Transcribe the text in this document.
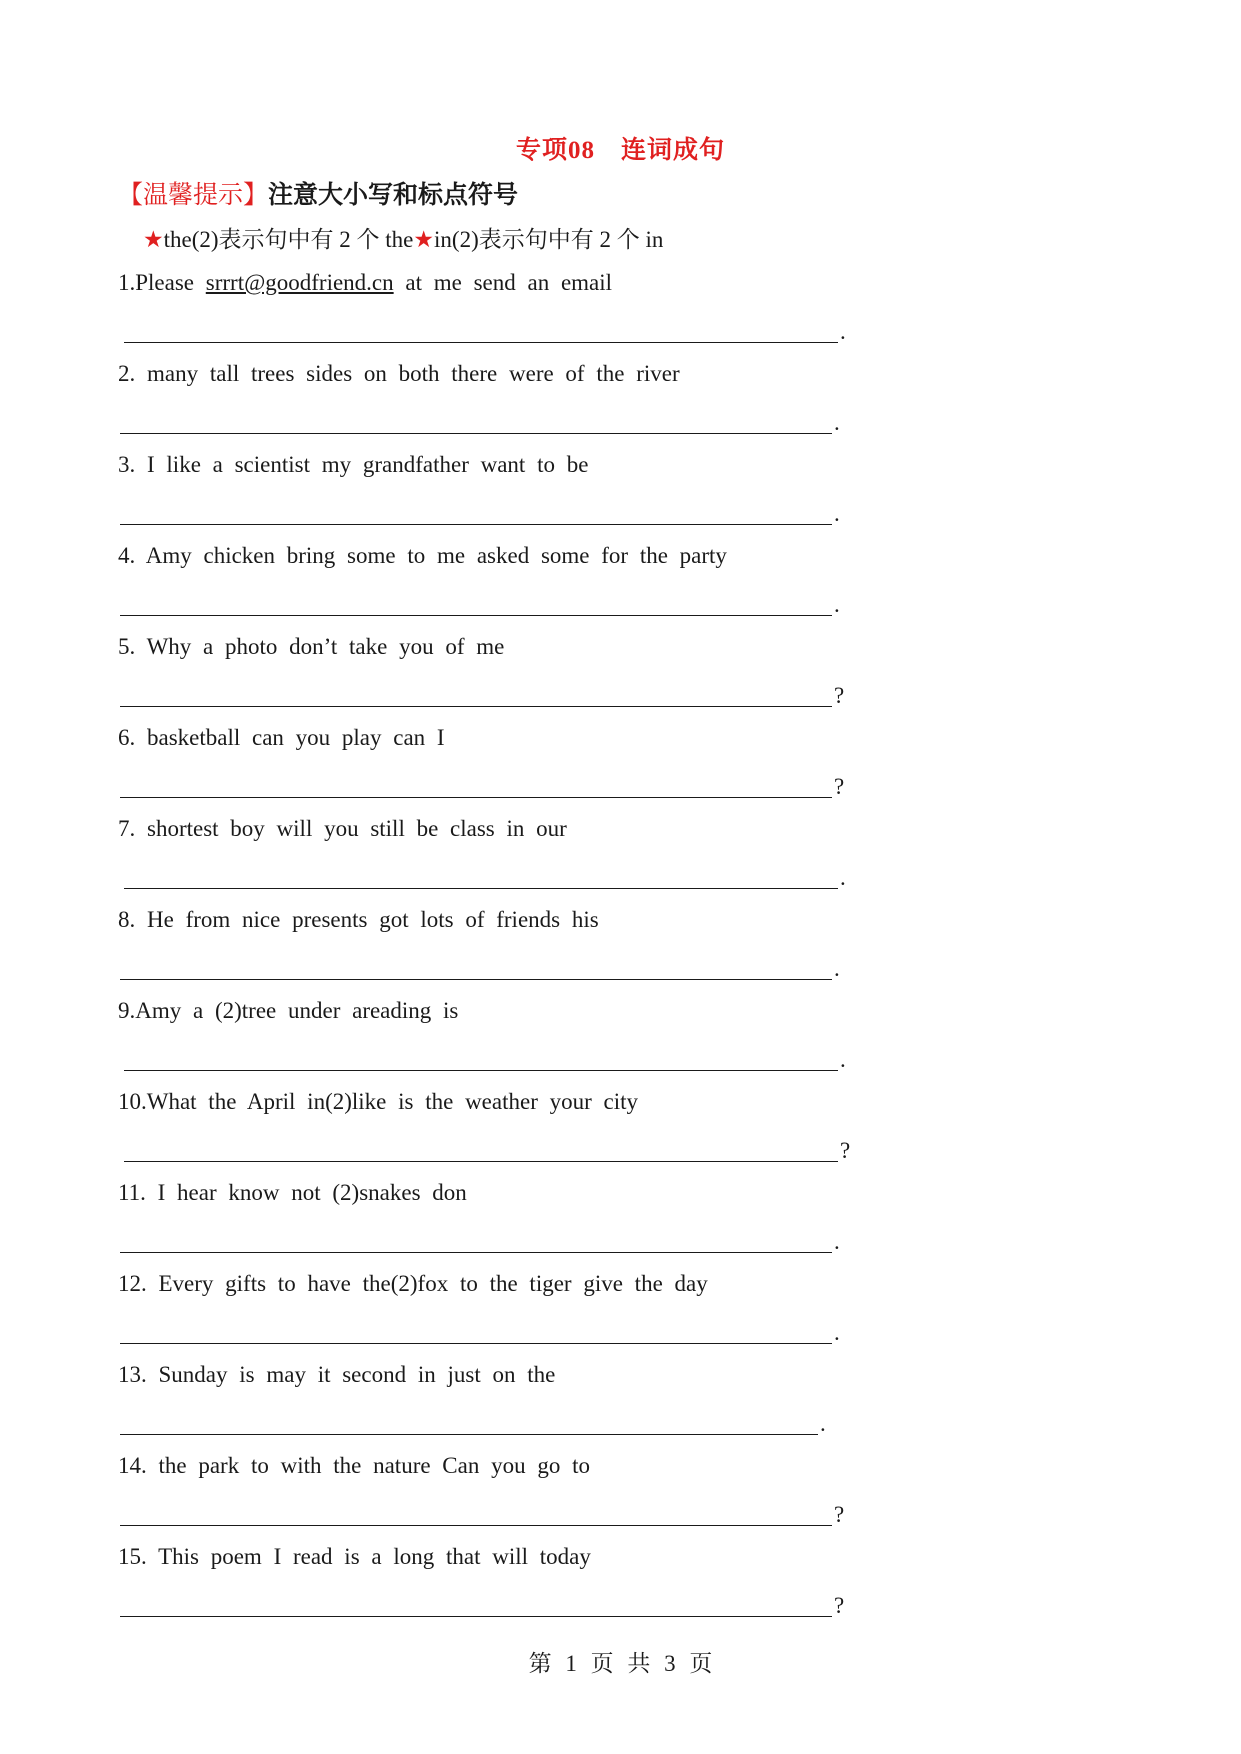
专项08　连词成句
【温馨提示】注意大小写和标点符号
★the(2)表示句中有 2 个 the★in(2)表示句中有 2 个 in
1.Please srrrt@goodfriend.cn at me send an email
.
2. many tall trees sides on both there were of the river
.
3. I like a scientist my grandfather want to be
.
4. Amy chicken bring some to me asked some for the party
.
5. Why a photo don’t take you of me
?
6. basketball can you play can I
?
7. shortest boy will you still be class in our
.
8. He from nice presents got lots of friends his
.
9.Amy a (2)tree under areading is
.
10.What the April in(2)like is the weather your city
?
11. I hear know not (2)snakes don
.
12. Every gifts to have the(2)fox to the tiger give the day
.
13. Sunday is may it second in just on the
.
14. the park to with the nature Can you go to
?
15. This poem I read is a long that will today
?
第 1 页 共 3 页
